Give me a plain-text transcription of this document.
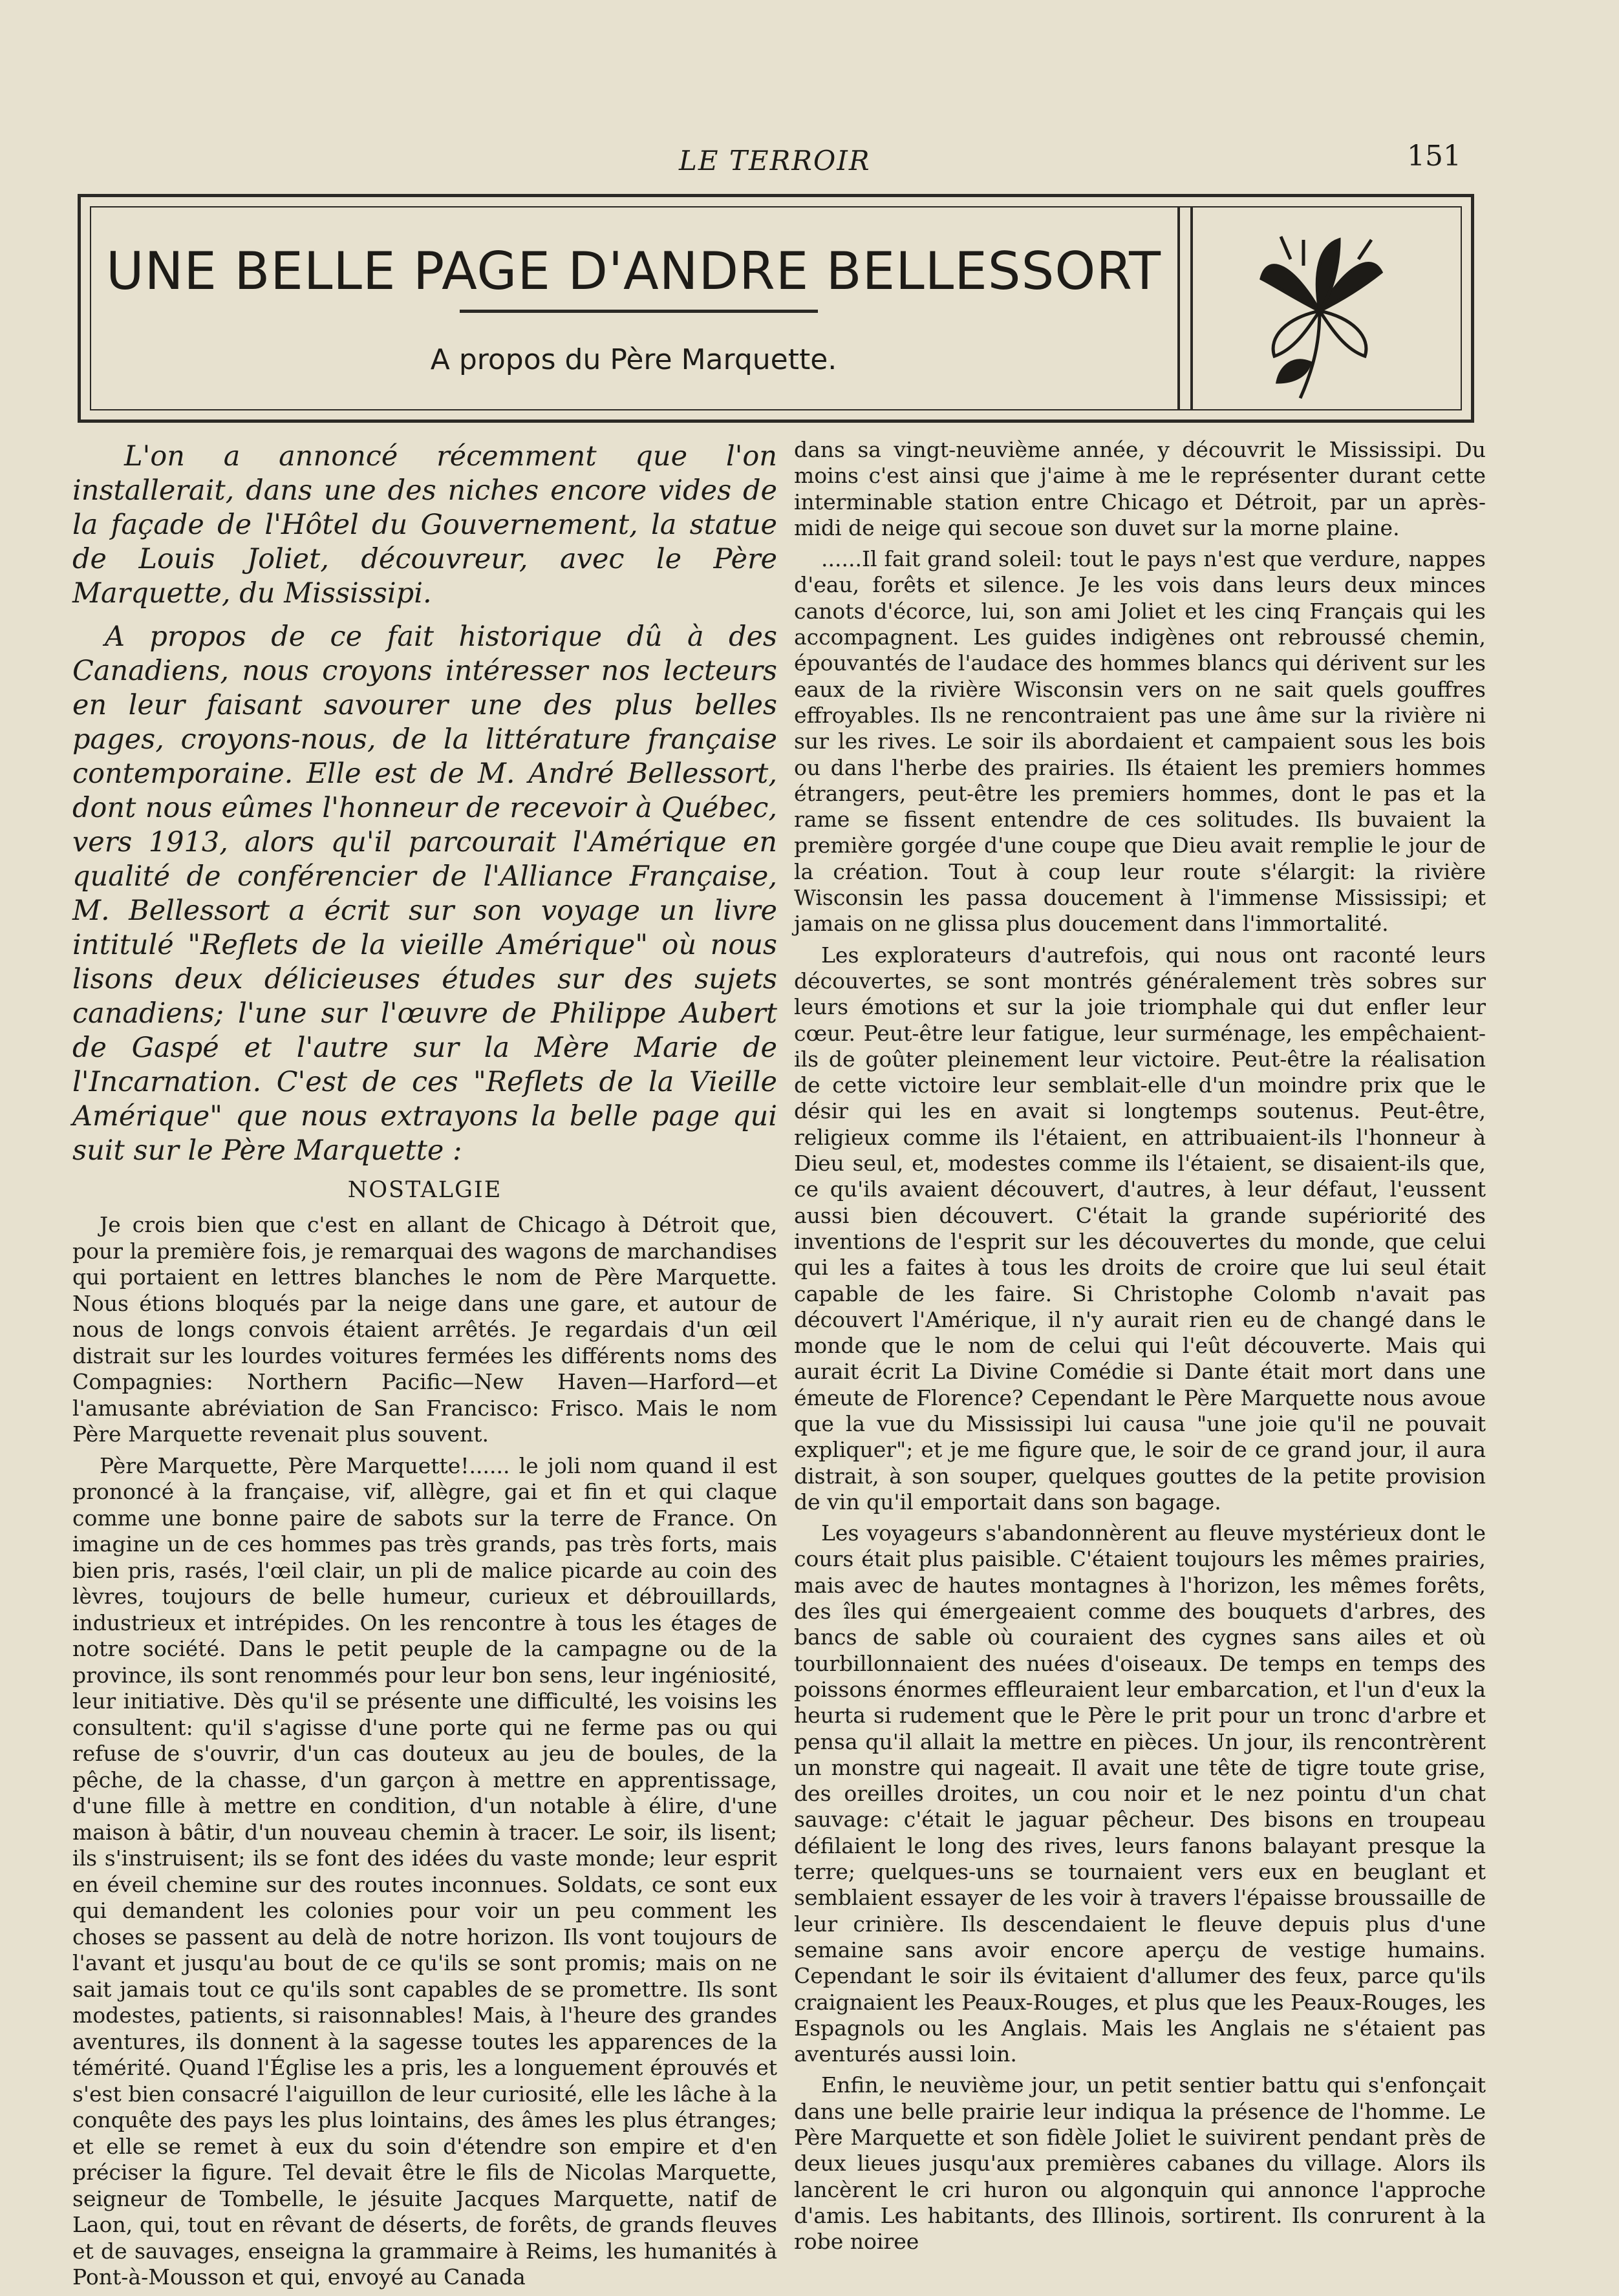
LE TERROIR	151
UNE BELLE PAGE D'ANDRE BELLESSORT
A propos du Père Marquette.

L'on a annoncé récemment que l'on installerait, dans une des niches encore vides de la façade de l'Hôtel du Gouvernement, la statue de Louis Joliet, découvreur, avec le Père Marquette, du Mississipi.

A propos de ce fait historique dû à des Canadiens, nous croyons intéresser nos lecteurs en leur faisant savourer une des plus belles pages, croyons-nous, de la littérature française contemporaine. Elle est de M. André Bellessort, dont nous eûmes l'honneur de recevoir à Québec, vers 1913, alors qu'il parcourait l'Amérique en qualité de conférencier de l'Alliance Française, M. Bellessort a écrit sur son voyage un livre intitulé "Reflets de la vieille Amérique" où nous lisons deux délicieuses études sur des sujets canadiens; l'une sur l'œuvre de Philippe Aubert de Gaspé et l'autre sur la Mère Marie de l'Incarnation. C'est de ces "Reflets de la Vieille Amérique" que nous extrayons la belle page qui suit sur le Père Marquette :

NOSTALGIE

Je crois bien que c'est en allant de Chicago à Détroit que, pour la première fois, je remarquai des wagons de marchandises qui portaient en lettres blanches le nom de Père Marquette. Nous étions bloqués par la neige dans une gare, et autour de nous de longs convois étaient arrêtés. Je regardais d'un œil distrait sur les lourdes voitures fermées les différents noms des Compagnies: Northern Pacific—New Haven—Harford—et l'amusante abréviation de San Francisco: Frisco. Mais le nom Père Marquette revenait plus souvent.

Père Marquette, Père Marquette!...... le joli nom quand il est prononcé à la française, vif, allègre, gai et fin et qui claque comme une bonne paire de sabots sur la terre de France. On imagine un de ces hommes pas très grands, pas très forts, mais bien pris, rasés, l'œil clair, un pli de malice picarde au coin des lèvres, toujours de belle humeur, curieux et débrouillards, industrieux et intrépides. On les rencontre à tous les étages de notre société. Dans le petit peuple de la campagne ou de la province, ils sont renommés pour leur bon sens, leur ingéniosité, leur initiative. Dès qu'il se présente une difficulté, les voisins les consultent: qu'il s'agisse d'une porte qui ne ferme pas ou qui refuse de s'ouvrir, d'un cas douteux au jeu de boules, de la pêche, de la chasse, d'un garçon à mettre en apprentissage, d'une fille à mettre en condition, d'un notable à élire, d'une maison à bâtir, d'un nouveau chemin à tracer. Le soir, ils lisent; ils s'instruisent; ils se font des idées du vaste monde; leur esprit en éveil chemine sur des routes inconnues. Soldats, ce sont eux qui demandent les colonies pour voir un peu comment les choses se passent au delà de notre horizon. Ils vont toujours de l'avant et jusqu'au bout de ce qu'ils se sont promis; mais on ne sait jamais tout ce qu'ils sont capables de se promettre. Ils sont modestes, patients, si raisonnables! Mais, à l'heure des grandes aventures, ils donnent à la sagesse toutes les apparences de la témérité. Quand l'Église les a pris, les a longuement éprouvés et s'est bien consacré l'aiguillon de leur curiosité, elle les lâche à la conquête des pays les plus lointains, des âmes les plus étranges; et elle se remet à eux du soin d'étendre son empire et d'en préciser la figure. Tel devait être le fils de Nicolas Marquette, seigneur de Tombelle, le jésuite Jacques Marquette, natif de Laon, qui, tout en rêvant de déserts, de forêts, de grands fleuves et de sauvages, enseigna la grammaire à Reims, les humanités à Pont-à-Mousson et qui, envoyé au Canada

dans sa vingt-neuvième année, y découvrit le Mississipi. Du moins c'est ainsi que j'aime à me le représenter durant cette interminable station entre Chicago et Détroit, par un après-midi de neige qui secoue son duvet sur la morne plaine.

......Il fait grand soleil: tout le pays n'est que verdure, nappes d'eau, forêts et silence. Je les vois dans leurs deux minces canots d'écorce, lui, son ami Joliet et les cinq Français qui les accompagnent. Les guides indigènes ont rebroussé chemin, épouvantés de l'audace des hommes blancs qui dérivent sur les eaux de la rivière Wisconsin vers on ne sait quels gouffres effroyables. Ils ne rencontraient pas une âme sur la rivière ni sur les rives. Le soir ils abordaient et campaient sous les bois ou dans l'herbe des prairies. Ils étaient les premiers hommes étrangers, peut-être les premiers hommes, dont le pas et la rame se fissent entendre de ces solitudes. Ils buvaient la première gorgée d'une coupe que Dieu avait remplie le jour de la création. Tout à coup leur route s'élargit: la rivière Wisconsin les passa doucement à l'immense Mississipi; et jamais on ne glissa plus doucement dans l'immortalité.

Les explorateurs d'autrefois, qui nous ont raconté leurs découvertes, se sont montrés généralement très sobres sur leurs émotions et sur la joie triomphale qui dut enfler leur cœur. Peut-être leur fatigue, leur surménage, les empêchaient-ils de goûter pleinement leur victoire. Peut-être la réalisation de cette victoire leur semblait-elle d'un moindre prix que le désir qui les en avait si longtemps soutenus. Peut-être, religieux comme ils l'étaient, en attribuaient-ils l'honneur à Dieu seul, et, modestes comme ils l'étaient, se disaient-ils que, ce qu'ils avaient découvert, d'autres, à leur défaut, l'eussent aussi bien découvert. C'était la grande supériorité des inventions de l'esprit sur les découvertes du monde, que celui qui les a faites à tous les droits de croire que lui seul était capable de les faire. Si Christophe Colomb n'avait pas découvert l'Amérique, il n'y aurait rien eu de changé dans le monde que le nom de celui qui l'eût découverte. Mais qui aurait écrit La Divine Comédie si Dante était mort dans une émeute de Florence? Cependant le Père Marquette nous avoue que la vue du Mississipi lui causa "une joie qu'il ne pouvait expliquer"; et je me figure que, le soir de ce grand jour, il aura distrait, à son souper, quelques gouttes de la petite provision de vin qu'il emportait dans son bagage.

Les voyageurs s'abandonnèrent au fleuve mystérieux dont le cours était plus paisible. C'étaient toujours les mêmes prairies, mais avec de hautes montagnes à l'horizon, les mêmes forêts, des îles qui émergeaient comme des bouquets d'arbres, des bancs de sable où couraient des cygnes sans ailes et où tourbillonnaient des nuées d'oiseaux. De temps en temps des poissons énormes effleuraient leur embarcation, et l'un d'eux la heurta si rudement que le Père le prit pour un tronc d'arbre et pensa qu'il allait la mettre en pièces. Un jour, ils rencontrèrent un monstre qui nageait. Il avait une tête de tigre toute grise, des oreilles droites, un cou noir et le nez pointu d'un chat sauvage: c'était le jaguar pêcheur. Des bisons en troupeau défilaient le long des rives, leurs fanons balayant presque la terre; quelques-uns se tournaient vers eux en beuglant et semblaient essayer de les voir à travers l'épaisse broussaille de leur crinière. Ils descendaient le fleuve depuis plus d'une semaine sans avoir encore aperçu de vestige humains. Cependant le soir ils évitaient d'allumer des feux, parce qu'ils craignaient les Peaux-Rouges, et plus que les Peaux-Rouges, les Espagnols ou les Anglais. Mais les Anglais ne s'étaient pas aventurés aussi loin.

Enfin, le neuvième jour, un petit sentier battu qui s'enfonçait dans une belle prairie leur indiqua la présence de l'homme. Le Père Marquette et son fidèle Joliet le suivirent pendant près de deux lieues jusqu'aux premières cabanes du village. Alors ils lancèrent le cri huron ou algonquin qui annonce l'approche d'amis. Les habitants, des Illinois, sortirent. Ils conrurent à la robe noiree
